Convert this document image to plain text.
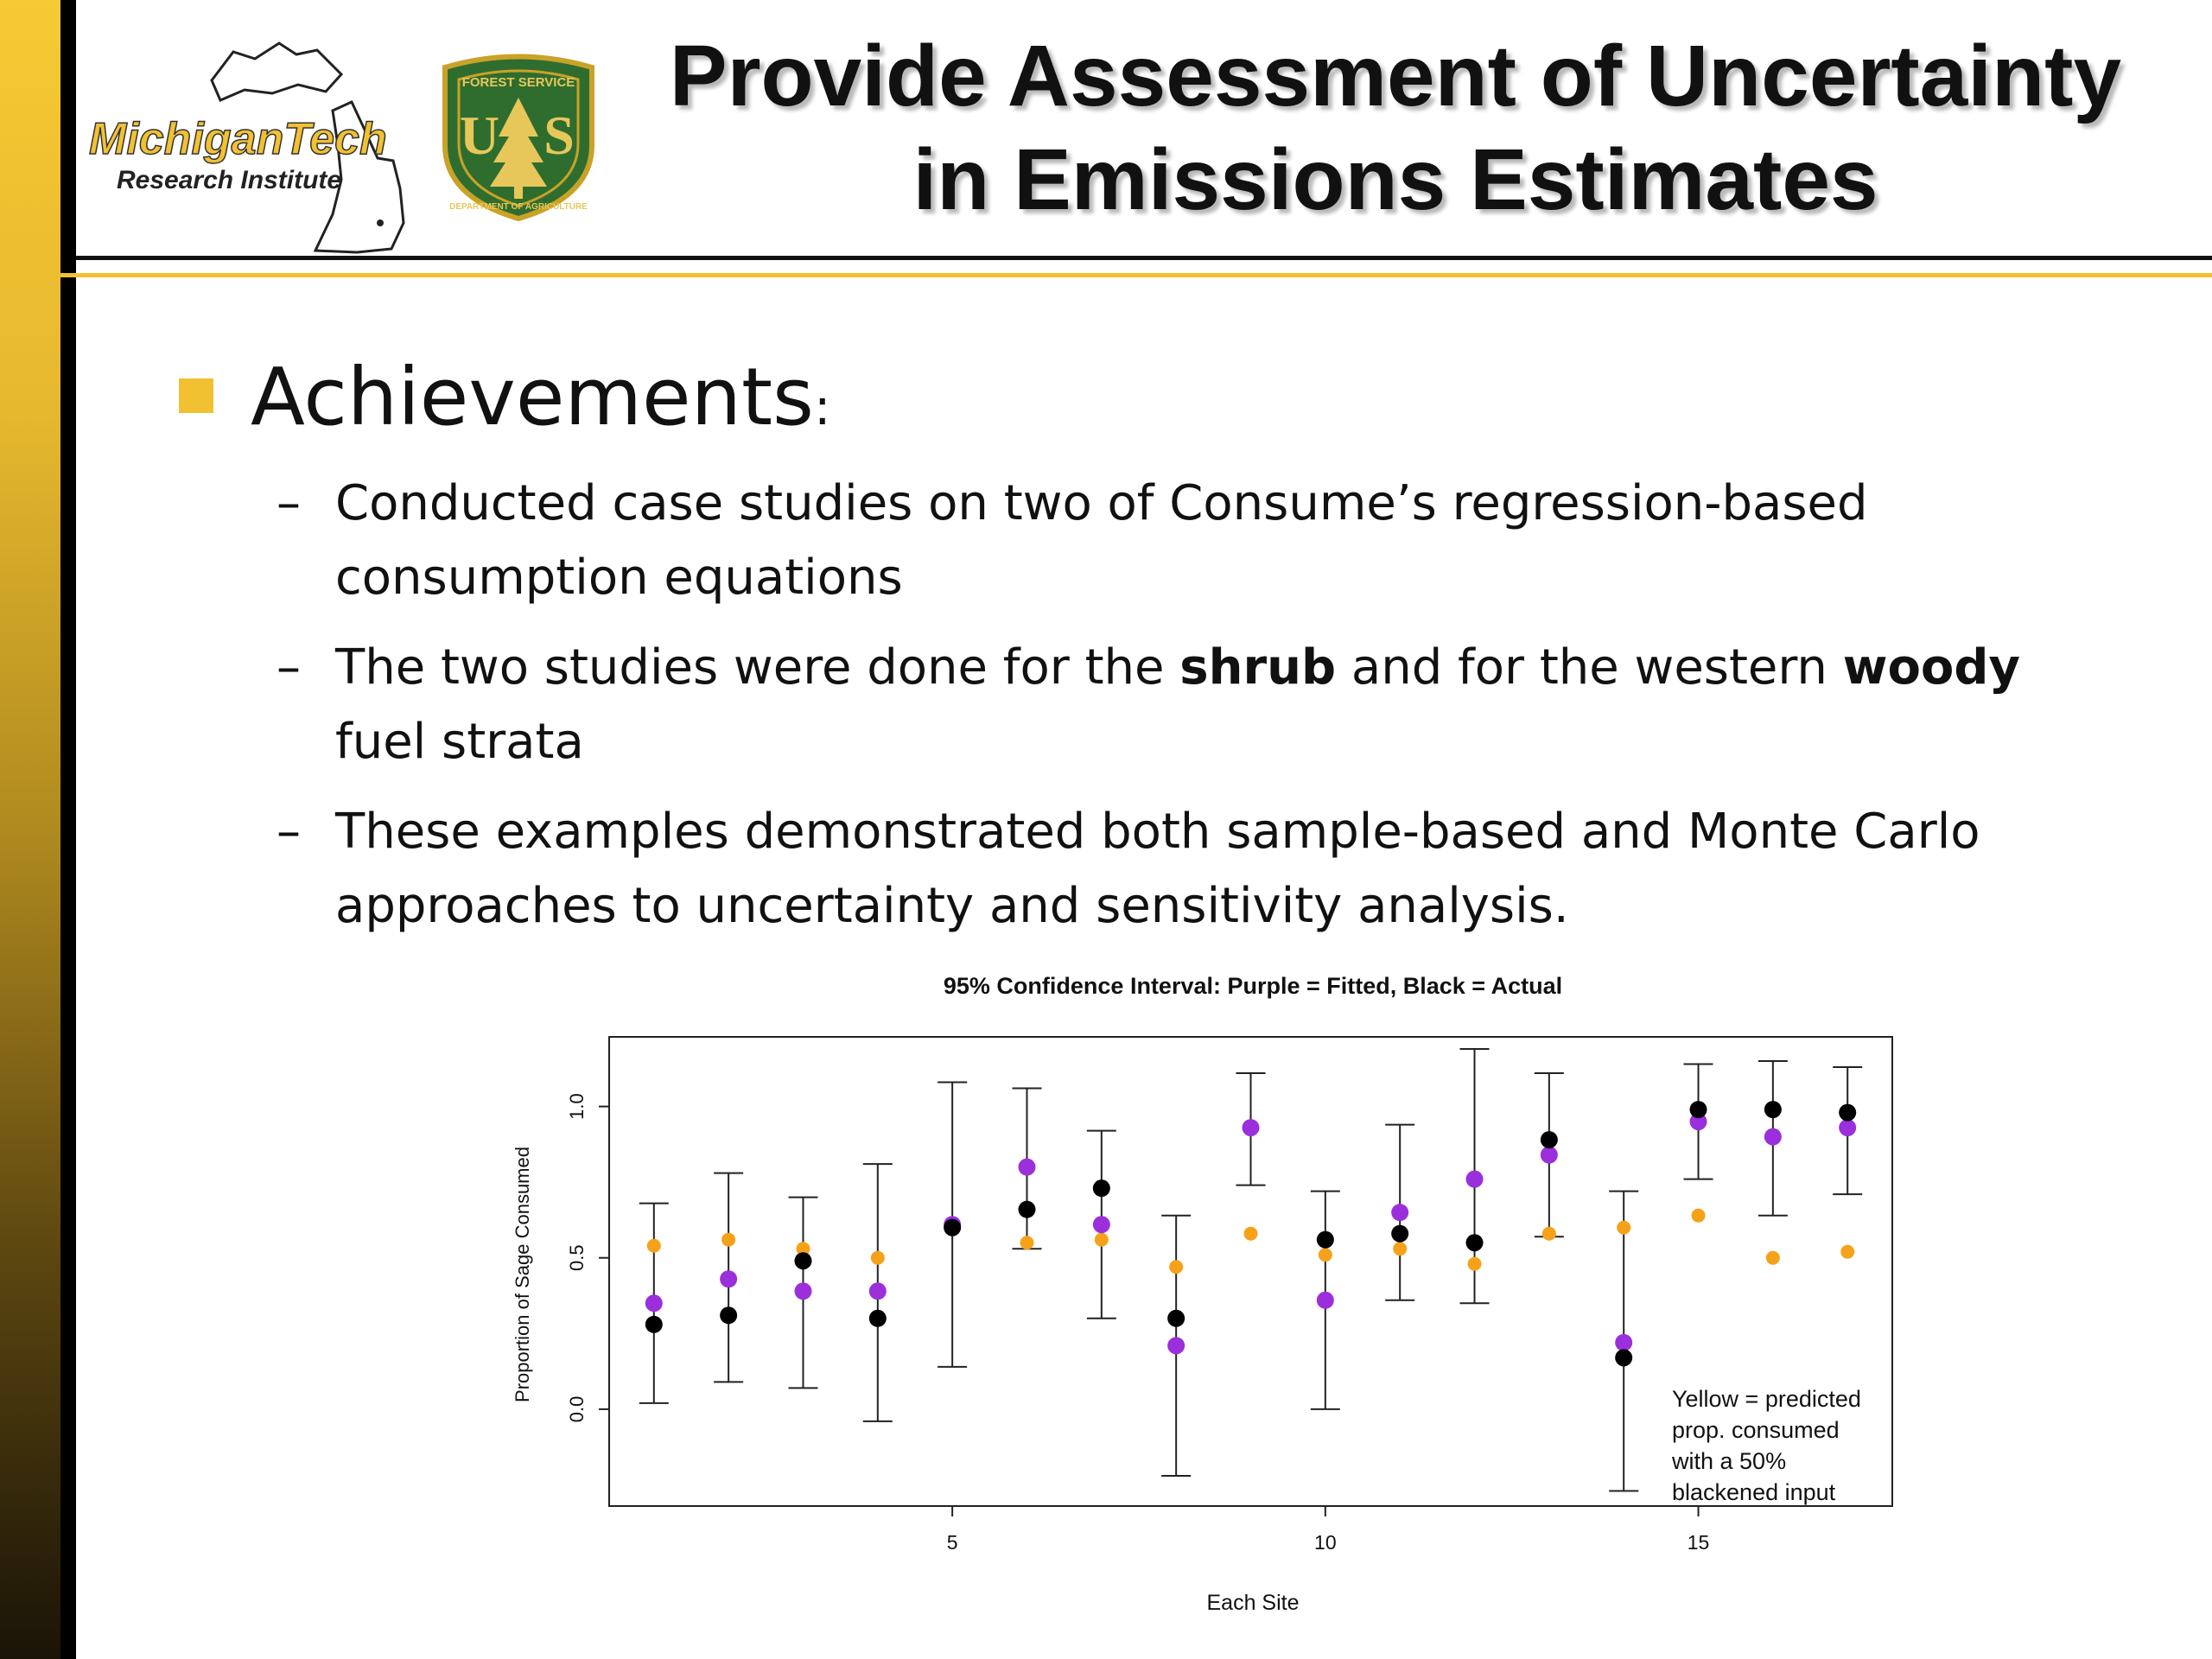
MichiganTech
Research Institute
FOREST SERVICE
U S
DEPARTMENT OF AGRICULTURE
Provide Assessment of Uncertainty
in Emissions Estimates
Achievements:
– Conducted case studies on two of Consume’s regression-based consumption equations
– The two studies were done for the shrub and for the western woody fuel strata
– These examples demonstrated both sample-based and Monte Carlo approaches to uncertainty and sensitivity analysis.
95% Confidence Interval: Purple = Fitted, Black = Actual
Each Site
Proportion of Sage Consumed
5	10	15
0.0
0.5
1.0
Yellow = predicted
prop. consumed
with a 50%
blackened input
